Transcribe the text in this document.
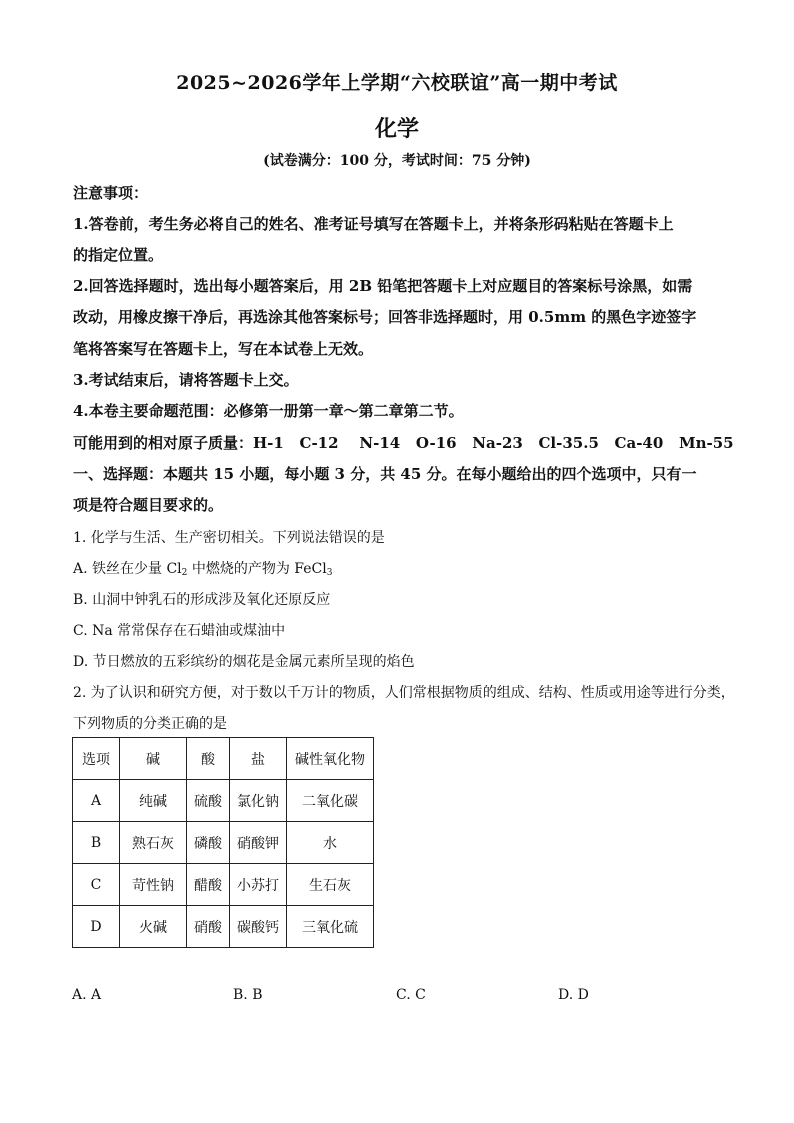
2025~2026学年上学期“六校联谊”高一期中考试
化学
(试卷满分：100 分，考试时间：75 分钟)
注意事项：
1.答卷前，考生务必将自己的姓名、准考证号填写在答题卡上，并将条形码粘贴在答题卡上
的指定位置。
2.回答选择题时，选出每小题答案后，用 2B 铅笔把答题卡上对应题目的答案标号涂黑，如需
改动，用橡皮擦干净后，再选涂其他答案标号；回答非选择题时，用 0.5mm 的黑色字迹签字
笔将答案写在答题卡上，写在本试卷上无效。
3.考试结束后，请将答题卡上交。
4.本卷主要命题范围：必修第一册第一章～第二章第二节。
可能用到的相对原子质量：H-1   C-12    N-14   O-16   Na-23   Cl-35.5   Ca-40   Mn-55
一、选择题：本题共 15 小题，每小题 3 分，共 45 分。在每小题给出的四个选项中，只有一
项是符合题目要求的。
1. 化学与生活、生产密切相关。下列说法错误的是
A. 铁丝在少量 $Cl_2$ 中燃烧的产物为 FeCl$_3$
B. 山洞中钟乳石的形成涉及氧化还原反应
C. Na 常常保存在石蜡油或煤油中
D. 节日燃放的五彩缤纷的烟花是金属元素所呈现的焰色
2. 为了认识和研究方便，对于数以千万计的物质，人们常根据物质的组成、结构、性质或用途等进行分类，
下列物质的分类正确的是
选项	碱	酸	盐	碱性氧化物
A	纯碱	硫酸	氯化钠	二氧化碳
B	熟石灰	磷酸	硝酸钾	水
C	苛性钠	醋酸	小苏打	生石灰
D	火碱	硝酸	碳酸钙	三氧化硫
A. A	B. B	C. C	D. D
